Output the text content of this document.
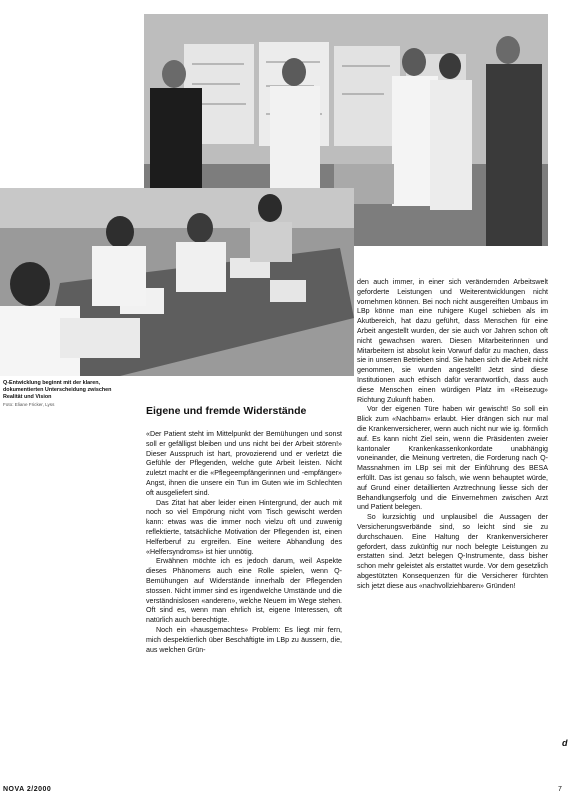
Q-Entwicklung beginnt mit der klaren, dokumentierten Unterscheidung zwischen Realität und Vision
Foto: Eliane Fricker, Lyss
Eigene und fremde Widerstände

«Der Patient steht im Mittelpunkt der Bemühungen und sonst soll er gefälligst bleiben und uns nicht bei der Arbeit stören!» Dieser Ausspruch ist hart, provozierend und er verletzt die Gefühle der Pflegenden, welche gute Arbeit leisten. Nicht zuletzt macht er die «Pflegeempfängerinnen und -empfänger» Angst, ihnen die unsere ein Tun im Guten wie im Schlechten oft ausgeliefert sind.

Das Zitat hat aber leider einen Hintergrund, der auch mit noch so viel Empörung nicht vom Tisch gewischt werden kann: etwas was die immer noch vielzu oft und zuwenig reflektierte, tatsächliche Motivation der Pflegenden ist, einen Helferberuf zu ergreifen. Eine weitere Abhandlung des «Helfersyndroms» ist hier unnötig.

Erwähnen möchte ich es jedoch darum, weil Aspekte dieses Phänomens auch eine Rolle spielen, wenn Q-Bemühungen auf Widerstände innerhalb der Pflegenden stossen. Nicht immer sind es irgendwelche Umstände und die verständnislosen «anderen», welche Neuem im Wege stehen. Oft sind es, wenn man ehrlich ist, eigene Interessen, oft natürlich auch berechtigte.

Noch ein «hausgemachtes» Problem: Es liegt mir fern, mich despektierlich über Beschäftigte im LBp zu äussern, die, aus welchen Grün-

den auch immer, in einer sich verändernden Arbeitswelt geforderte Leistungen und Weiterentwicklungen nicht vornehmen können. Bei noch nicht ausgereiften Umbaus im LBp könne man eine ruhigere Kugel schieben als im Akutbereich, hat dazu geführt, dass Menschen für eine Arbeit angestellt wurden, der sie auch vor Jahren schon oft nicht gewachsen waren. Diesen Mitarbeiterinnen und Mitarbeitern ist absolut kein Vorwurf dafür zu machen, dass sie in unseren Betrieben sind. Sie haben sich die Arbeit nicht genommen, sie wurden angestellt! Jetzt sind diese Institutionen auch ethisch dafür verantwortlich, dass auch diese Menschen einen würdigen Platz im «Reisezug» Richtung Zukunft haben.

Vor der eigenen Türe haben wir gewischt! So soll ein Blick zum «Nachbarn» erlaubt. Hier drängen sich nur mal die Krankenversicherer, wenn auch nicht nur wie ig. förmlich auf. Es kann nicht Ziel sein, wenn die Präsidenten zweier kantonaler Krankenkassenkonkordate unabhängig voneinander, die Meinung vertreten, die Forderung nach Q-Massnahmen im LBp sei mit der Einführung des BESA erfüllt. Das ist genau so falsch, wie wenn behauptet würde, auf Grund einer detaillierten Arztrechnung liesse sich der Behandlungserfolg und die Einvernehmen zwischen Arzt und Patient belegen.

So kurzsichtig und unplausibel die Aussagen der Versicherungsverbände sind, so leicht sind sie zu durchschauen. Eine Haltung der Krankenversicherer gefordert, dass zukünftig nur noch belegte Leistungen zu erstatten sind. Jetzt belegen Q-Instrumente, dass bisher schon mehr geleistet als erstattet wurde. Vor dem gesetzlich abgestützten Konsequenzen für die Versicherer fürchten sich jetzt diese aus «nachvollziehbaren» Gründen!

d
NOVA 2/2000	7
